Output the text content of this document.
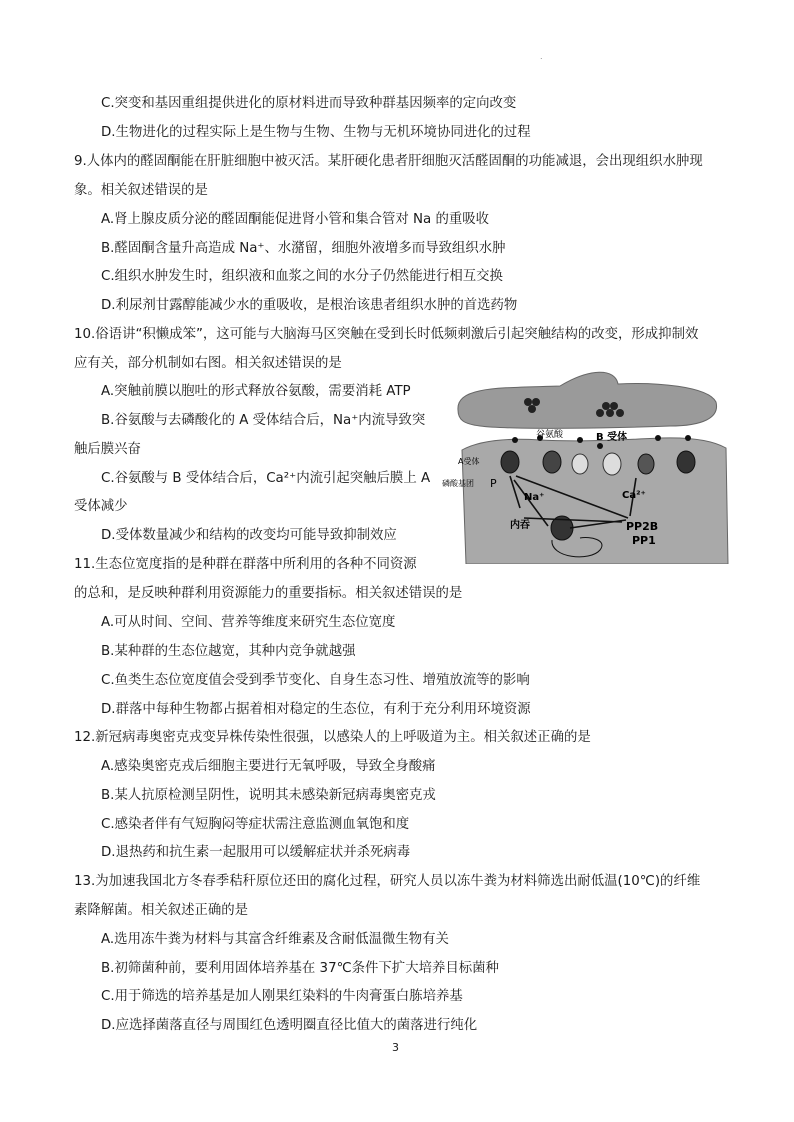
.
C.突变和基因重组提供进化的原材料进而导致种群基因频率的定向改变
D.生物进化的过程实际上是生物与生物、生物与无机环境协同进化的过程
9.人体内的醛固酮能在肝脏细胞中被灭活。某肝硬化患者肝细胞灭活醛固酮的功能减退，会出现组织水肿现
象。相关叙述错误的是
A.肾上腺皮质分泌的醛固酮能促进肾小管和集合管对 Na 的重吸收
B.醛固酮含量升高造成 Na⁺、水潴留，细胞外液增多而导致组织水肿
C.组织水肿发生时，组织液和血浆之间的水分子仍然能进行相互交换
D.利尿剂甘露醇能减少水的重吸收，是根治该患者组织水肿的首选药物
10.俗语讲“积懒成笨”，这可能与大脑海马区突触在受到长时低频刺激后引起突触结构的改变，形成抑制效
应有关，部分机制如右图。相关叙述错误的是
A.突触前膜以胞吐的形式释放谷氨酸，需要消耗 ATP
B.谷氨酸与去磷酸化的 A 受体结合后，Na⁺内流导致突
触后膜兴奋
C.谷氨酸与 B 受体结合后，Ca²⁺内流引起突触后膜上 A
受体减少
D.受体数量减少和结构的改变均可能导致抑制效应
11.生态位宽度指的是种群在群落中所利用的各种不同资源
的总和，是反映种群利用资源能力的重要指标。相关叙述错误的是
A.可从时间、空间、营养等维度来研究生态位宽度
B.某种群的生态位越宽，其种内竞争就越强
C.鱼类生态位宽度值会受到季节变化、自身生态习性、增殖放流等的影响
D.群落中每种生物都占据着相对稳定的生态位，有利于充分利用环境资源
12.新冠病毒奥密克戎变异株传染性很强，以感染人的上呼吸道为主。相关叙述正确的是
A.感染奥密克戎后细胞主要进行无氧呼吸，导致全身酸痛
B.某人抗原检测呈阴性，说明其未感染新冠病毒奥密克戎
C.感染者伴有气短胸闷等症状需注意监测血氧饱和度
D.退热药和抗生素一起服用可以缓解症状并杀死病毒
13.为加速我国北方冬春季秸秆原位还田的腐化过程，研究人员以冻牛粪为材料筛选出耐低温(10℃)的纤维
素降解菌。相关叙述正确的是
A.选用冻牛粪为材料与其富含纤维素及含耐低温微生物有关
B.初筛菌种前，要利用固体培养基在 37℃条件下扩大培养目标菌种
C.用于筛选的培养基是加人刚果红染料的牛肉膏蛋白胨培养基
D.应选择菌落直径与周围红色透明圈直径比值大的菌落进行纯化
谷氨酸	B 受体
A受体
磷酸基团 P
Na⁺	Ca²⁺
内吞	PP2B
PP1
3
